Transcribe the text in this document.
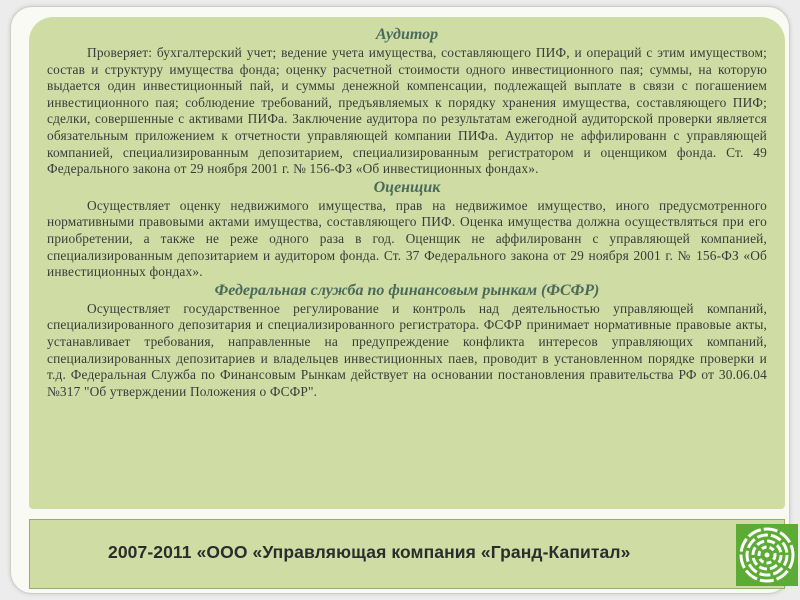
Аудитор

Проверяет: бухгалтерский учет; ведение учета имущества, составляющего ПИФ, и операций с этим имуществом; состав и структуру имущества фонда; оценку расчетной стоимости одного инвестиционного пая; суммы, на которую выдается один инвестиционный пай, и суммы денежной компенсации, подлежащей выплате в связи с погашением инвестиционного пая; соблюдение требований, предъявляемых к порядку хранения имущества, составляющего ПИФ; сделки, совершенные с активами ПИФа. Заключение аудитора по результатам ежегодной аудиторской проверки является обязательным приложением к отчетности управляющей компании ПИФа. Аудитор не аффилированн с управляющей компанией, специализированным депозитарием, специализированным регистратором и оценщиком фонда. Ст. 49 Федерального закона от 29 ноября 2001 г. № 156-ФЗ «Об инвестиционных фондах».

Оценщик

Осуществляет оценку недвижимого имущества, прав на недвижимое имущество, иного предусмотренного нормативными правовыми актами имущества, составляющего ПИФ. Оценка имущества должна осуществляться при его приобретении, а также не реже одного раза в год. Оценщик не аффилированн с управляющей компанией, специализированным депозитарием и аудитором фонда. Ст. 37 Федерального закона от 29 ноября 2001 г. № 156-ФЗ «Об инвестиционных фондах».

Федеральная служба по финансовым рынкам (ФСФР)

Осуществляет государственное регулирование и контроль над деятельностью управляющей компаний, специализированного депозитария и специализированного регистратора. ФСФР принимает нормативные правовые акты, устанавливает требования, направленные на предупреждение конфликта интересов управляющих компаний, специализированных депозитариев и владельцев инвестиционных паев, проводит в установленном порядке проверки и т.д. Федеральная Служба по Финансовым Рынкам действует на основании постановления правительства РФ от 30.06.04 №317 "Об утверждении Положения о ФСФР".

2007-2011 «ООО «Управляющая компания «Гранд-Капитал»
